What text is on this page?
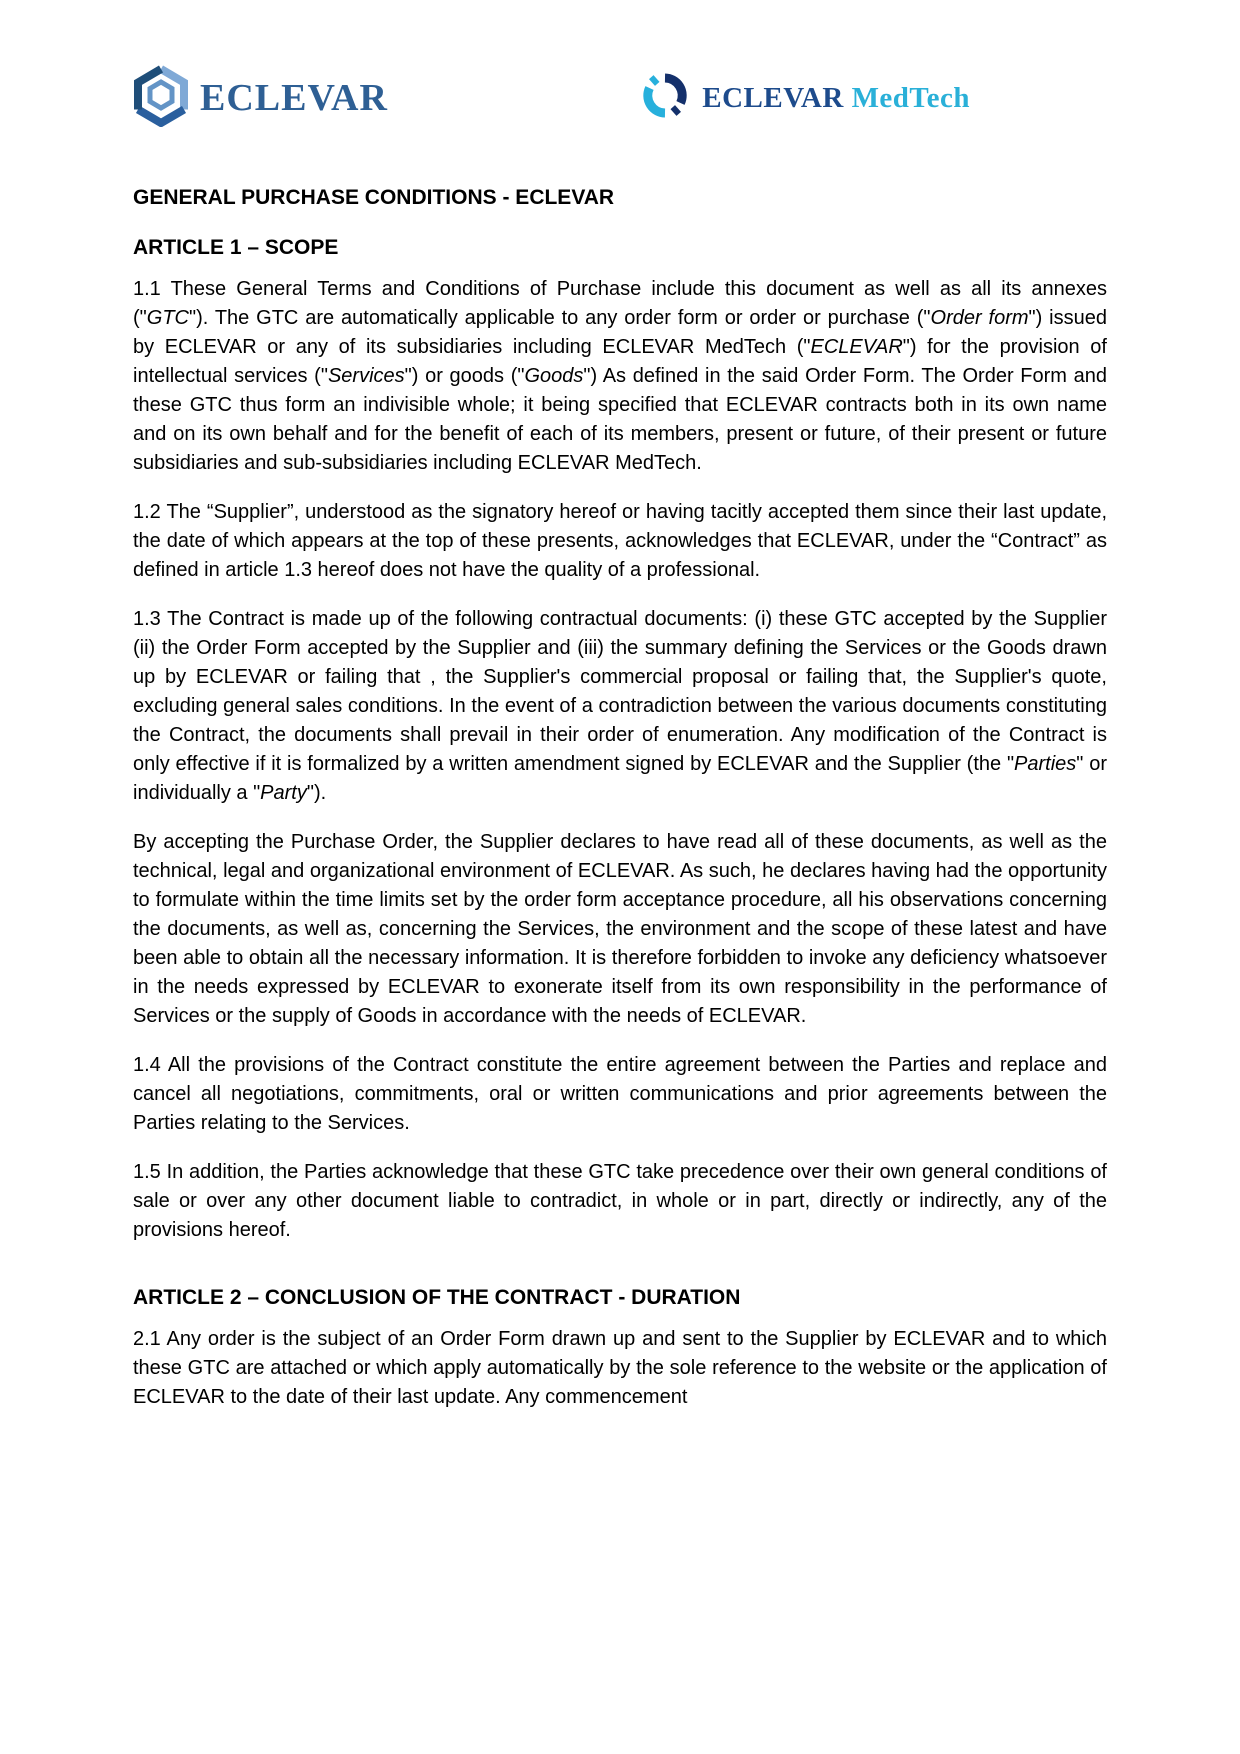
ECLEVAR	ECLEVAR MedTech
GENERAL PURCHASE CONDITIONS - ECLEVAR
ARTICLE 1 – SCOPE

1.1 These General Terms and Conditions of Purchase include this document as well as all its annexes ("GTC"). The GTC are automatically applicable to any order form or order or purchase ("Order form") issued by ECLEVAR or any of its subsidiaries including ECLEVAR MedTech ("ECLEVAR") for the provision of intellectual services ("Services") or goods ("Goods") As defined in the said Order Form. The Order Form and these GTC thus form an indivisible whole; it being specified that ECLEVAR contracts both in its own name and on its own behalf and for the benefit of each of its members, present or future, of their present or future subsidiaries and sub-subsidiaries including ECLEVAR MedTech.

1.2 The “Supplier”, understood as the signatory hereof or having tacitly accepted them since their last update, the date of which appears at the top of these presents, acknowledges that ECLEVAR, under the “Contract” as defined in article 1.3 hereof does not have the quality of a professional.

1.3 The Contract is made up of the following contractual documents: (i) these GTC accepted by the Supplier (ii) the Order Form accepted by the Supplier and (iii) the summary defining the Services or the Goods drawn up by ECLEVAR or failing that , the Supplier's commercial proposal or failing that, the Supplier's quote, excluding general sales conditions. In the event of a contradiction between the various documents constituting the Contract, the documents shall prevail in their order of enumeration. Any modification of the Contract is only effective if it is formalized by a written amendment signed by ECLEVAR and the Supplier (the "Parties" or individually a "Party").

By accepting the Purchase Order, the Supplier declares to have read all of these documents, as well as the technical, legal and organizational environment of ECLEVAR. As such, he declares having had the opportunity to formulate within the time limits set by the order form acceptance procedure, all his observations concerning the documents, as well as, concerning the Services, the environment and the scope of these latest and have been able to obtain all the necessary information. It is therefore forbidden to invoke any deficiency whatsoever in the needs expressed by ECLEVAR to exonerate itself from its own responsibility in the performance of Services or the supply of Goods in accordance with the needs of ECLEVAR.

1.4 All the provisions of the Contract constitute the entire agreement between the Parties and replace and cancel all negotiations, commitments, oral or written communications and prior agreements between the Parties relating to the Services.

1.5 In addition, the Parties acknowledge that these GTC take precedence over their own general conditions of sale or over any other document liable to contradict, in whole or in part, directly or indirectly, any of the provisions hereof.

ARTICLE 2 – CONCLUSION OF THE CONTRACT - DURATION

2.1 Any order is the subject of an Order Form drawn up and sent to the Supplier by ECLEVAR and to which these GTC are attached or which apply automatically by the sole reference to the website or the application of ECLEVAR to the date of their last update. Any commencement
